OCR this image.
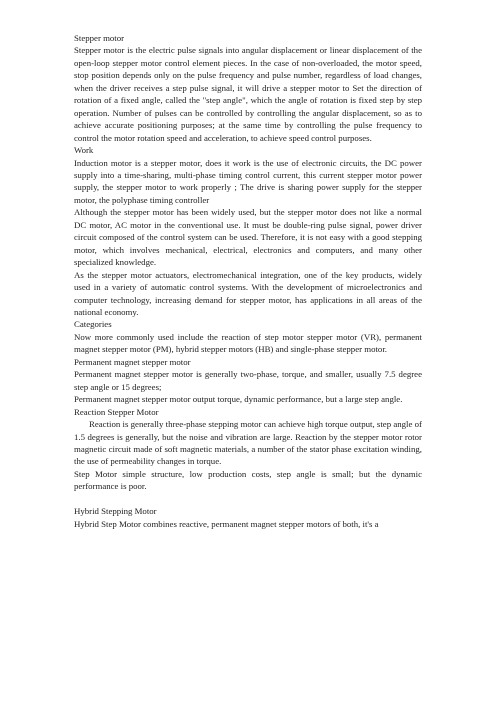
Stepper motor

Stepper motor is the electric pulse signals into angular displacement or linear displacement of the open-loop stepper motor control element pieces. In the case of non-overloaded, the motor speed, stop position depends only on the pulse frequency and pulse number, regardless of load changes, when the driver receives a step pulse signal, it will drive a stepper motor to Set the direction of rotation of a fixed angle, called the "step angle", which the angle of rotation is fixed step by step operation. Number of pulses can be controlled by controlling the angular displacement, so as to achieve accurate positioning purposes; at the same time by controlling the pulse frequency to control the motor rotation speed and acceleration, to achieve speed control purposes.

Work

Induction motor is a stepper motor, does it work is the use of electronic circuits, the DC power supply into a time-sharing, multi-phase timing control current, this current stepper motor power supply, the stepper motor to work properly ; The drive is sharing power supply for the stepper motor, the polyphase timing controller

Although the stepper motor has been widely used, but the stepper motor does not like a normal DC motor, AC motor in the conventional use. It must be double-ring pulse signal, power driver circuit composed of the control system can be used. Therefore, it is not easy with a good stepping motor, which involves mechanical, electrical, electronics and computers, and many other specialized knowledge.

As the stepper motor actuators, electromechanical integration, one of the key products, widely used in a variety of automatic control systems. With the development of microelectronics and computer technology, increasing demand for stepper motor, has applications in all areas of the national economy.

Categories

Now more commonly used include the reaction of step motor stepper motor (VR), permanent magnet stepper motor (PM), hybrid stepper motors (HB) and single-phase stepper motor.

Permanent magnet stepper motor

Permanent magnet stepper motor is generally two-phase, torque, and smaller, usually 7.5 degree step angle or 15 degrees;

Permanent magnet stepper motor output torque, dynamic performance, but a large step angle.

Reaction Stepper Motor

Reaction is generally three-phase stepping motor can achieve high torque output, step angle of 1.5 degrees is generally, but the noise and vibration are large. Reaction by the stepper motor rotor magnetic circuit made of soft magnetic materials, a number of the stator phase excitation winding, the use of permeability changes in torque.

Step Motor simple structure, low production costs, step angle is small; but the dynamic performance is poor.

Hybrid Stepping Motor

Hybrid Step Motor combines reactive, permanent magnet stepper motors of both, it's a
